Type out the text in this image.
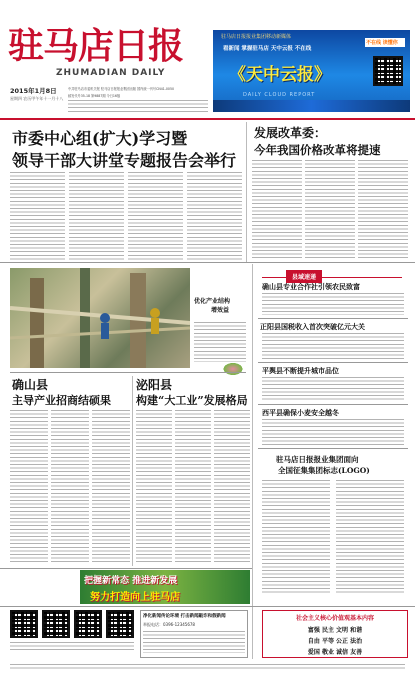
驻马店日报
ZHUMADIAN DAILY
2015年1月8日
星期四 农历甲午年十一月十八
中共驻马店市委机关报 驻马店日报报业集团出版 国内统一刊号CN41-0050
邮发代号35-18 第9887期 今日16版
驻马店日报报业集团移动新媒体
看新闻 掌握驻马店 天中云报 不在线
《天中云报》
不在线 读懂你
DAILY CLOUD REPORT
市委中心组(扩大)学习暨
领导干部大讲堂专题报告会举行
发展改革委：
今年我国价格改革将提速
优化产业结构
增效益
确山县
主导产业招商结硕果
泌阳县
构建“大工业”发展格局
县域速递
确山县专业合作社引领农民致富
正阳县国税收入首次突破亿元大关
平舆县不断提升城市品位
西平县确保小麦安全越冬
驻马店日报报业集团面向
全国征集集团标志(LOGO)
把握新常态 推进新发展
努力打造向上驻马店
净化新闻传论环境 打击新闻敲诈和假新闻
举报电话：0396-12345678
社会主义核心价值观基本内容
富强 民主 文明 和谐
自由 平等 公正 法治
爱国 敬业 诚信 友善
